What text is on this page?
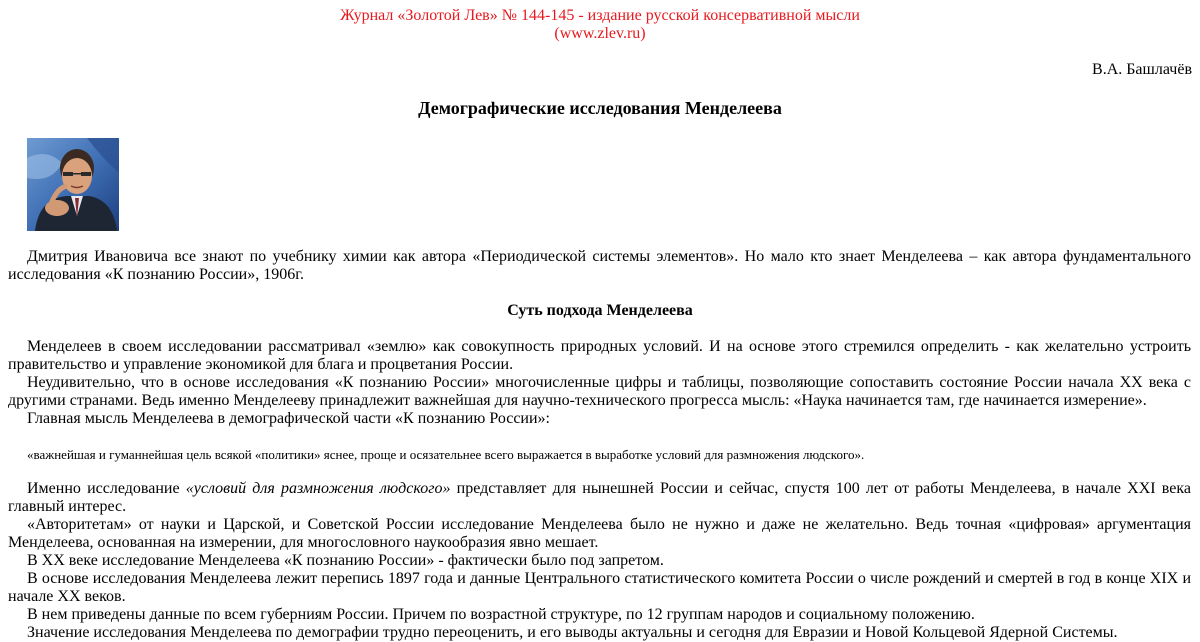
Журнал «Золотой Лев» № 144-145 - издание русской консервативной мысли
(www.zlev.ru)
В.А. Башлачёв
Демографические исследования Менделеева
Дмитрия Ивановича все знают по учебнику химии как автора «Периодической системы элементов». Но мало кто знает Менделеева – как автора фундаментального исследования «К познанию России», 1906г.
Суть подхода Менделеева
Менделеев в своем исследовании рассматривал «землю» как совокупность природных условий. И на основе этого стремился определить - как желательно устроить правительство и управление экономикой для блага и процветания России.
Неудивительно, что в основе исследования «К познанию России» многочисленные цифры и таблицы, позволяющие сопоставить состояние России начала XX века с другими странами. Ведь именно Менделееву принадлежит важнейшая для научно-технического прогресса мысль: «Наука начинается там, где начинается измерение».
Главная мысль Менделеева в демографической части «К познанию России»:
«важнейшая и гуманнейшая цель всякой «политики» яснее, проще и осязательнее всего выражается в выработке условий для размножения людского».
Именно исследование «условий для размножения людского» представляет для нынешней России и сейчас, спустя 100 лет от работы Менделеева, в начале XXI века главный интерес.
«Авторитетам» от науки и Царской, и Советской России исследование Менделеева было не нужно и даже не желательно. Ведь точная «цифровая» аргументация Менделеева, основанная на измерении, для многословного наукообразия явно мешает.
В XX веке исследование Менделеева «К познанию России» - фактически было под запретом.
В основе исследования Менделеева лежит перепись 1897 года и данные Центрального статистического комитета России о числе рождений и смертей в год в конце XIX и начале XX веков.
В нем приведены данные по всем губерниям России. Причем по возрастной структуре, по 12 группам народов и социальному положению.
Значение исследования Менделеева по демографии трудно переоценить, и его выводы актуальны и сегодня для Евразии и Новой Кольцевой Ядерной Системы.
